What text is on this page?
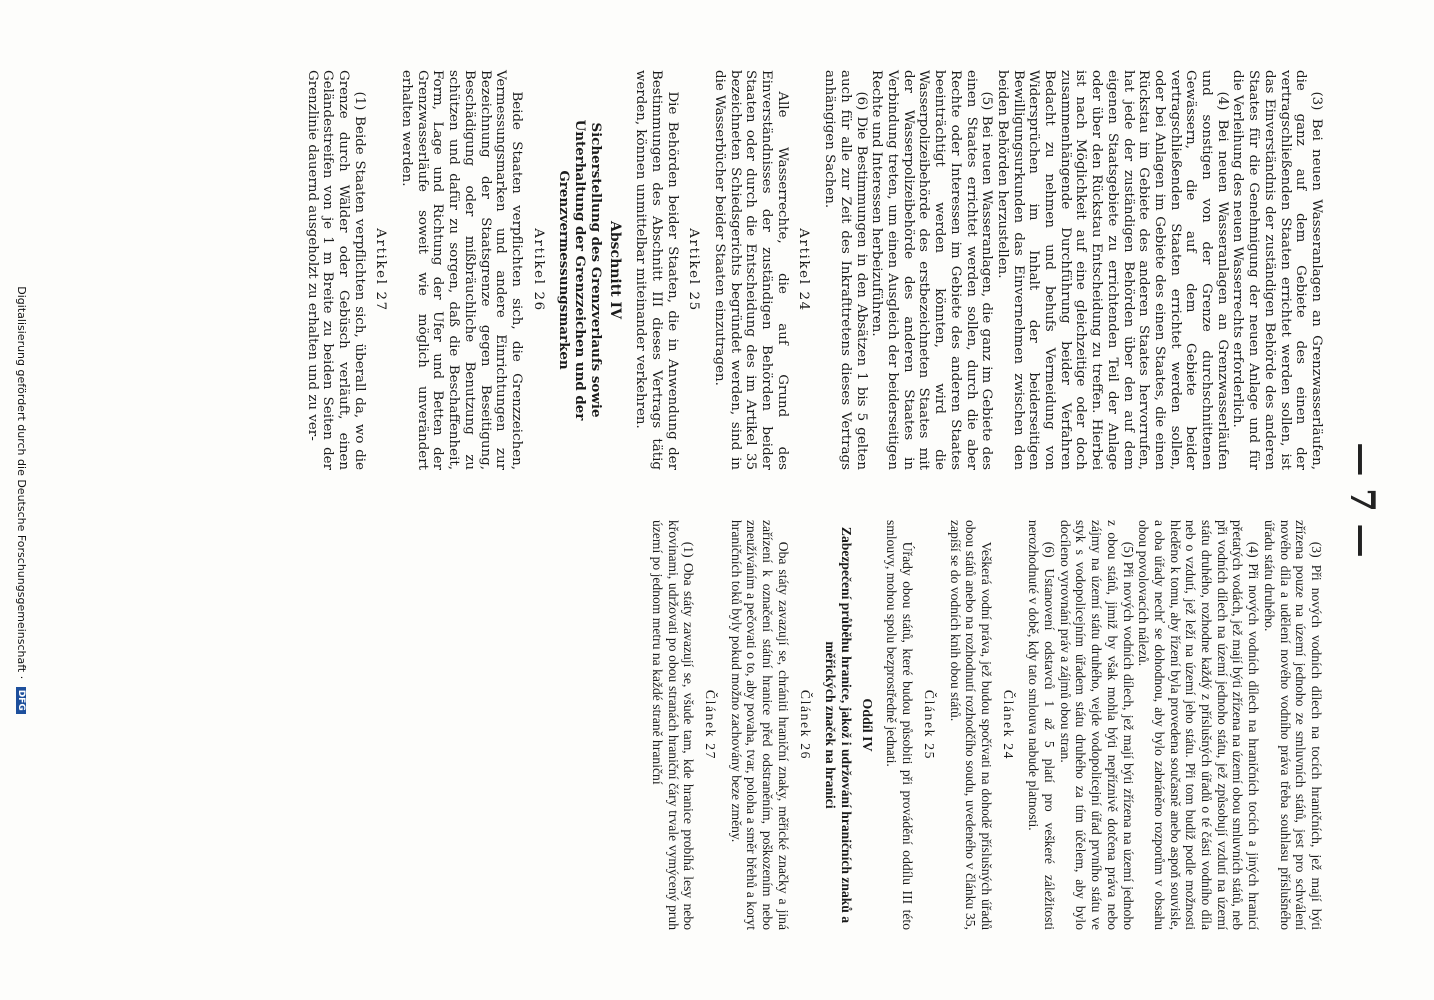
— 7 —

(3) Bei neuen Wasseranlagen an Grenzwasserläufen, die ganz auf dem Gebiete des einen der vertragschließenden Staaten errichtet werden sollen, ist das Einverständnis der zuständigen Behörde des anderen Staates für die Genehmigung der neuen Anlage und für die Verleihung des neuen Wasserrechts erforderlich.

(4) Bei neuen Wasseranlagen an Grenzwasserläufen und sonstigen von der Grenze durchschnittenen Gewässern, die auf dem Gebiete beider vertragschließenden Staaten errichtet werden sollen, oder bei Anlagen im Gebiete des einen Staates, die einen Rückstau im Gebiete des anderen Staates hervorrufen, hat jede der zuständigen Behörden über den auf dem eigenen Staatsgebiete zu errichtenden Teil der Anlage oder über den Rückstau Entscheidung zu treffen. Hierbei ist nach Möglichkeit auf eine gleichzeitige oder doch zusammenhängende Durchführung beider Verfahren Bedacht zu nehmen und behufs Vermeidung von Widersprüchen im Inhalt der beiderseitigen Bewilligungsurkunden das Einvernehmen zwischen den beiden Behörden herzustellen.

(5) Bei neuen Wasseranlagen, die ganz im Gebiete des einen Staates errichtet werden sollen, durch die aber Rechte oder Interessen im Gebiete des anderen Staates beeinträchtigt werden könnten, wird die Wasserpolizeibehörde des erstbezeichneten Staates mit der Wasserpolizeibehörde des anderen Staates in Verbindung treten, um einen Ausgleich der beiderseitigen Rechte und Interessen herbeizuführen.

(6) Die Bestimmungen in den Absätzen 1 bis 5 gelten auch für alle zur Zeit des Inkrafttretens dieses Vertrags anhängigen Sachen.

Artikel 24

Alle Wasserrechte, die auf Grund des Einverständnisses der zuständigen Behörden beider Staaten oder durch die Entscheidung des im Artikel 35 bezeichneten Schiedsgerichts begründet werden, sind in die Wasserbücher beider Staaten einzutragen.

Artikel 25

Die Behörden beider Staaten, die in Anwendung der Bestimmungen des Abschnitt III dieses Vertrags tätig werden, können unmittelbar miteinander verkehren.

Abschnitt IV

Sicherstellung des Grenzverlaufs sowie Unterhaltung der Grenzzeichen und der Grenzvermessungsmarken

Artikel 26

Beide Staaten verpflichten sich, die Grenzzeichen, Vermessungsmarken und andere Einrichtungen zur Bezeichnung der Staatsgrenze gegen Beseitigung, Beschädigung oder mißbräuchliche Benutzung zu schützen und dafür zu sorgen, daß die Beschaffenheit, Form, Lage und Richtung der Ufer und Betten der Grenzwasserläufe soweit wie möglich unverändert erhalten werden.

Artikel 27

(1) Beide Staaten verpflichten sich, überall da, wo die Grenze durch Wälder oder Gebüsch verläuft, einen Geländestreifen von je 1 m Breite zu beiden Seiten der Grenzlinie dauernd ausgeholzt zu erhalten und zu ver-

(3) Při nových vodních dílech na tocích hraničních, jež mají býti zřízena pouze na území jednoho ze smluvních států, jest pro schválení nového díla a udělení nového vodního práva třeba souhlasu příslušného úřadu státu druhého.

(4) Při nových vodních dílech na hraničních tocích a jiných hranicí přetatých vodách, jež mají býti zřízena na území obou smluvních států, neb při vodních dílech na území jednoho státu, jež způsobují vzdutí na území státu druhého, rozhodne každý z příslušných úřadů o té části vodního díla neb o vzdutí, jež leží na území jeho státu. Při tom budiž podle možnosti hleděno k tomu, aby řízení byla provedena současně anebo aspoň souvisle, a oba úřady nechť se dohodnou, aby bylo zabráněno rozporům v obsahu obou povolovacích nálezů.

(5) Při nových vodních dílech, jež mají býti zřízena na území jednoho z obou států, jimiž by však mohla býti nepříznivě dotčena práva nebo zájmy na území státu druhého, vejde vodopolicejní úřad prvního státu ve styk s vodopolicejním úřadem státu druhého za tím účelem, aby bylo docíleno vyrovnání práv a zájmů obou stran.

(6) Ustanovení odstavců 1 až 5 platí pro veškeré záležitosti nerozhodnuté v době, kdy tato smlouva nabude platnosti.

Článek 24

Veškerá vodní práva, jež budou spočívati na dohodě příslušných úřadů obou států anebo na rozhodnutí rozhodčího soudu, uvedeného v článku 35, zapíší se do vodních knih obou států.

Článek 25

Úřady obou států, které budou působiti při provádění oddílu III této smlouvy, mohou spolu bezprostředně jednati.

Oddíl IV

Zabezpečení průběhu hranice, jakož i udržování hraničních znaků a měřických značek na hranici

Článek 26

Oba státy zavazují se, chrániti hraniční znaky, měřické značky a jiná zařízení k označení státní hranice před odstraněním, poškozením nebo zneužíváním a pečovati o to, aby povaha, tvar, poloha a směr břehů a koryt hraničních toků byly pokud možno zachovány beze změny.

Článek 27

(1) Oba státy zavazují se, všude tam, kde hranice probíhá lesy nebo křovinami, udržovati po obou stranách hraniční čáry trvale vymýcený pruh území po jednom metru na každé straně hraniční

Digitalisierung gefördert durch die Deutsche Forschungsgemeinschaft · DFG
